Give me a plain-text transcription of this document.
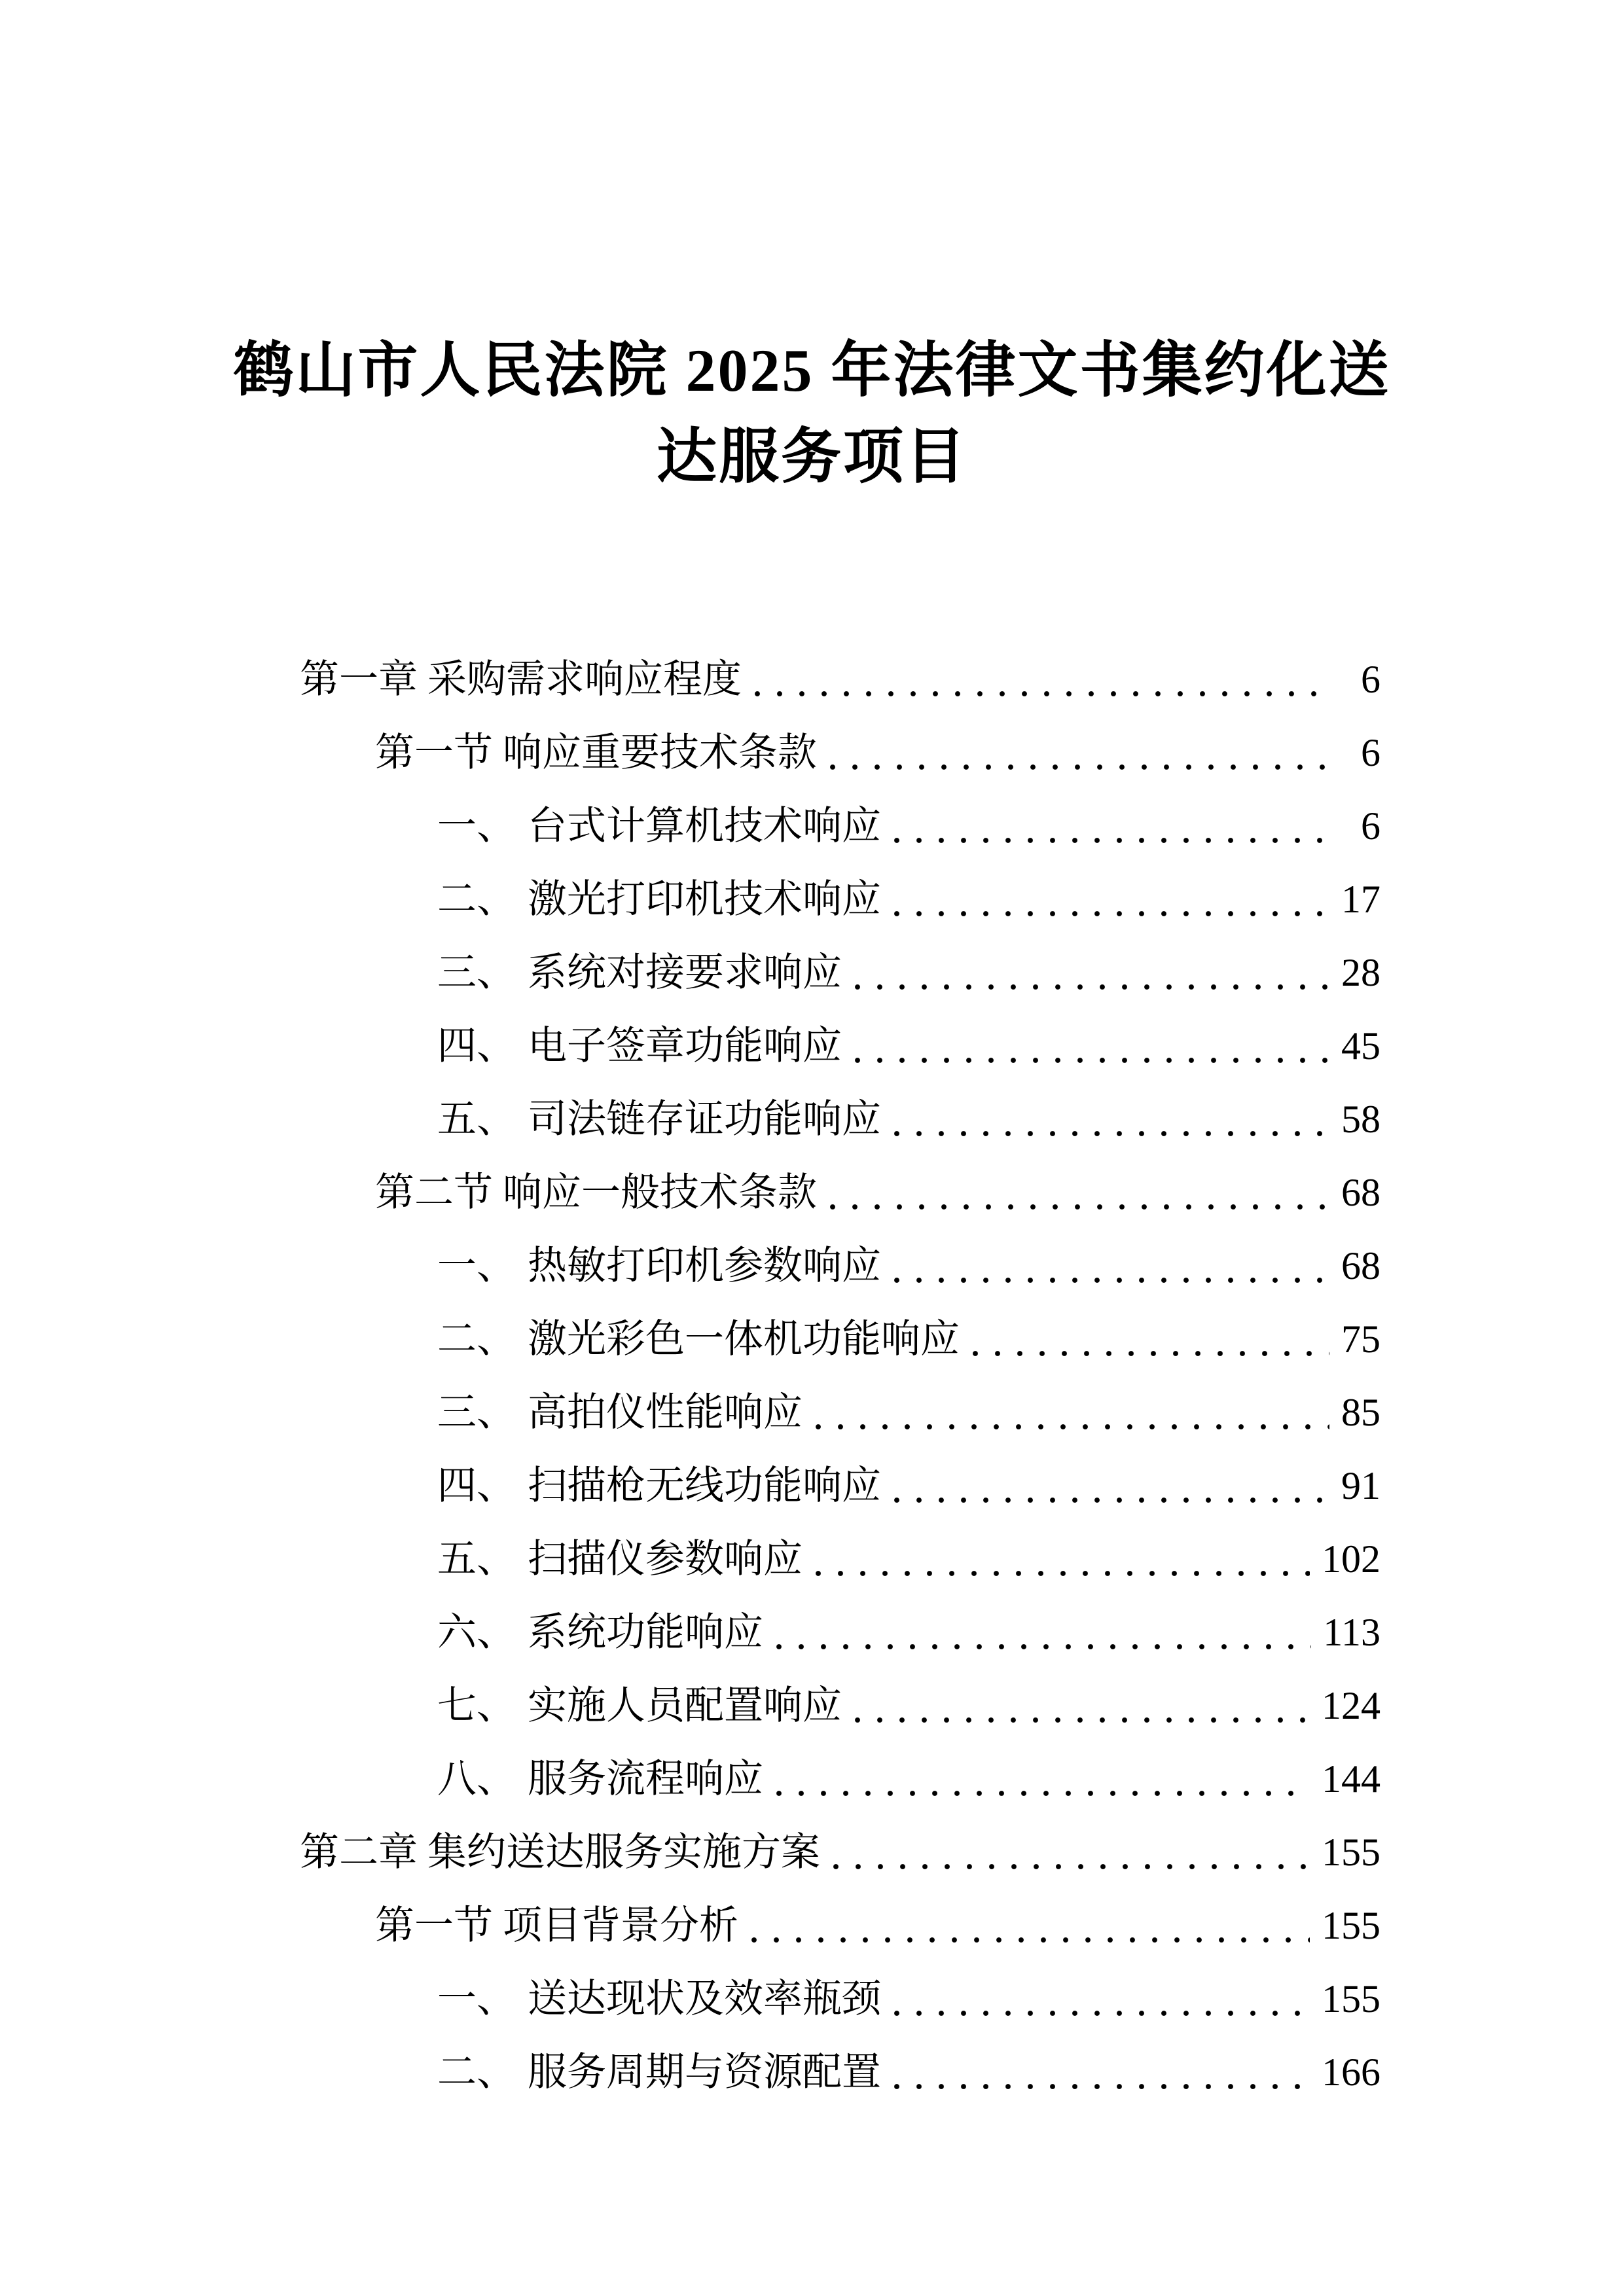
鹤山市人民法院 2025 年法律文书集约化送
达服务项目
第一章 采购需求响应程度	6
第一节 响应重要技术条款	6
一、 台式计算机技术响应	6
二、 激光打印机技术响应	17
三、 系统对接要求响应	28
四、 电子签章功能响应	45
五、 司法链存证功能响应	58
第二节 响应一般技术条款	68
一、 热敏打印机参数响应	68
二、 激光彩色一体机功能响应	75
三、 高拍仪性能响应	85
四、 扫描枪无线功能响应	91
五、 扫描仪参数响应	102
六、 系统功能响应	113
七、 实施人员配置响应	124
八、 服务流程响应	144
第二章 集约送达服务实施方案	155
第一节 项目背景分析	155
一、 送达现状及效率瓶颈	155
二、 服务周期与资源配置	166
